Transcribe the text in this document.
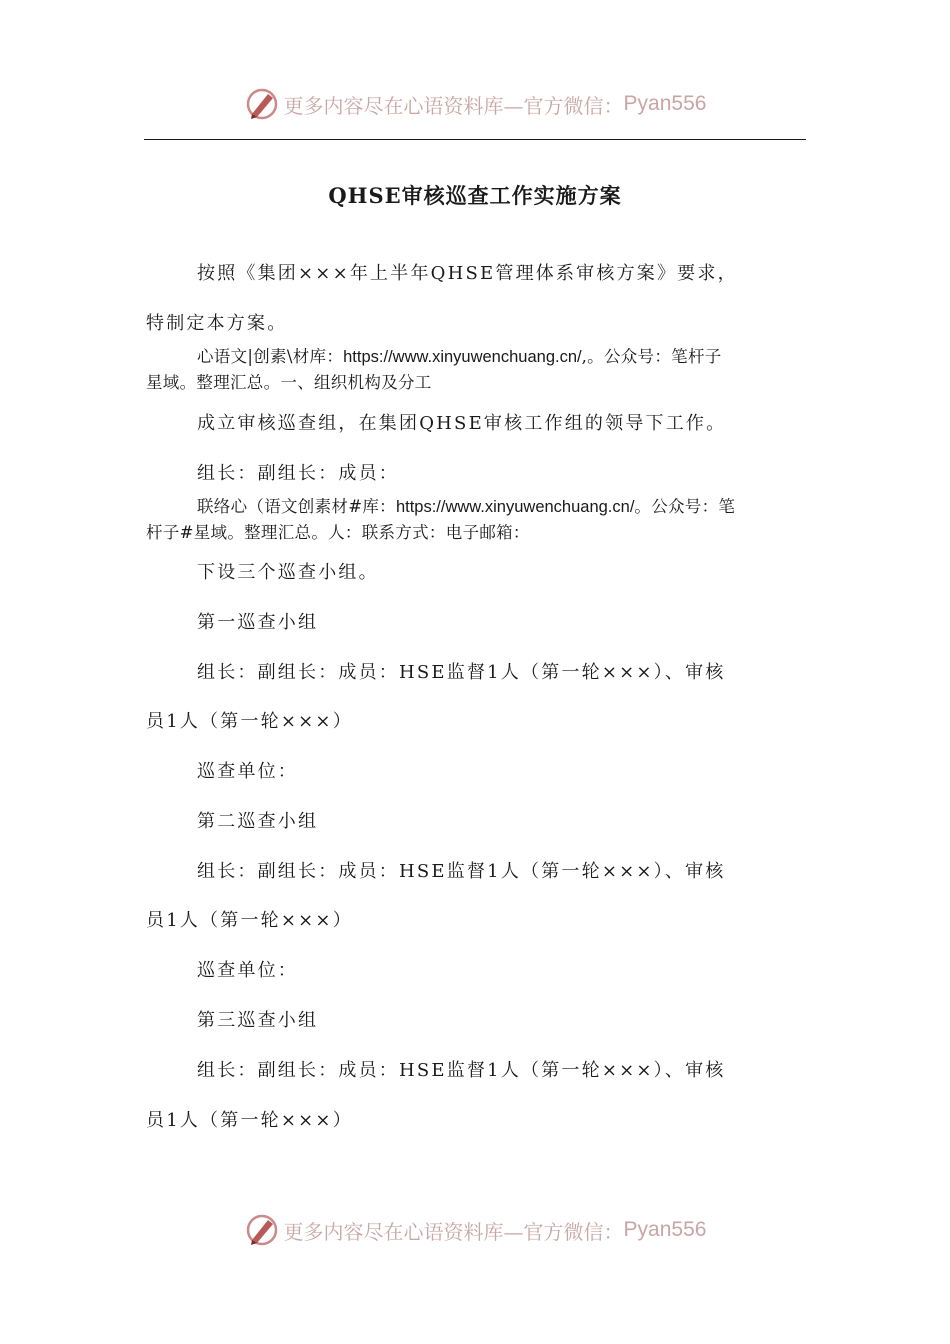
更多内容尽在心语资料库—官方微信： Pyan556
QHSE审核巡查工作实施方案
按照《集团×××年上半年QHSE管理体系审核方案》要求，
特制定本方案。
心语文|创素\材库：https://www.xinyuwenchuang.cn/,。公众号：笔杆子
星域。整理汇总。一、组织机构及分工
成立审核巡查组，在集团QHSE审核工作组的领导下工作。
组长：副组长：成员：
联络心（语文创素材#库：https://www.xinyuwenchuang.cn/。公众号：笔
杆子#星域。整理汇总。人：联系方式：电子邮箱：
下设三个巡查小组。
第一巡查小组
组长：副组长：成员：HSE监督1人（第一轮×××）、审核
员1人（第一轮×××）
巡查单位：
第二巡查小组
组长：副组长：成员：HSE监督1人（第一轮×××）、审核
员1人（第一轮×××）
巡查单位：
第三巡查小组
组长：副组长：成员：HSE监督1人（第一轮×××）、审核
员1人（第一轮×××）
更多内容尽在心语资料库—官方微信： Pyan556
